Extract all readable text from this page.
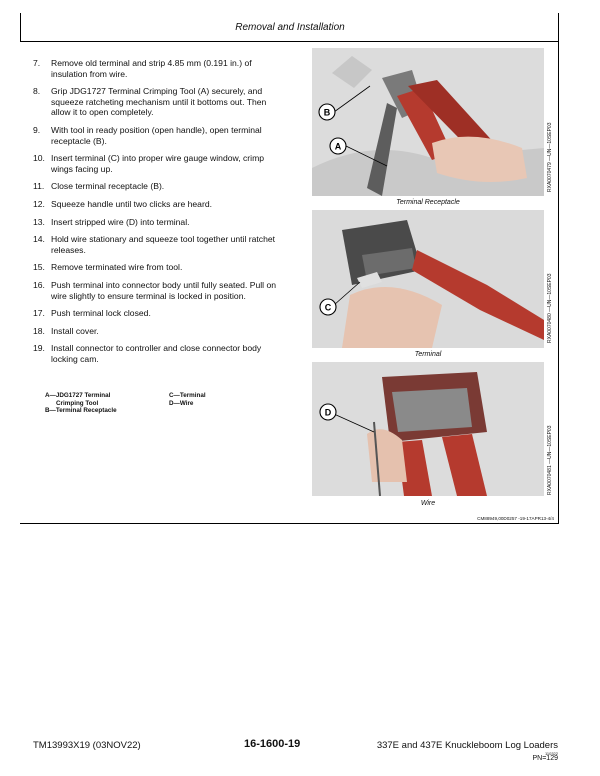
Removal and Installation
7.	Remove old terminal and strip 4.85 mm (0.191 in.) of insulation from wire.
8.	Grip JDG1727 Terminal Crimping Tool (A) securely, and squeeze ratcheting mechanism until it bottoms out. Then allow it to open completely.
9.	With tool in ready position (open handle), open terminal receptacle (B).
10. Insert terminal (C) into proper wire gauge window, crimp wings facing up.
11. Close terminal receptacle (B).
12. Squeeze handle until two clicks are heard.
13. Insert stripped wire (D) into terminal.
14. Hold wire stationary and squeeze tool together until ratchet releases.
15. Remove terminated wire from tool.
16. Push terminal into connector body until fully seated. Pull on wire slightly to ensure terminal is locked in position.
17. Push terminal lock closed.
18. Install cover.
19. Install connector to controller and close connector body locking cam.
A—JDG1727 Terminal
Crimping Tool
B—Terminal Receptacle
C—Terminal
D—Wire
B
A
Terminal Receptacle
RXA0070479 —UN—10SEP03
C
Terminal
RXA0070480 —UN—10SEP03
D
Wire
RXA0070481 —UN—10SEP03
CM88949,00D0257 -19-17APR13-4/4
TM13993X19 (03NOV22)	16-1600-19	337E and 437E Knuckleboom Log Loaders
110322
PN=129
